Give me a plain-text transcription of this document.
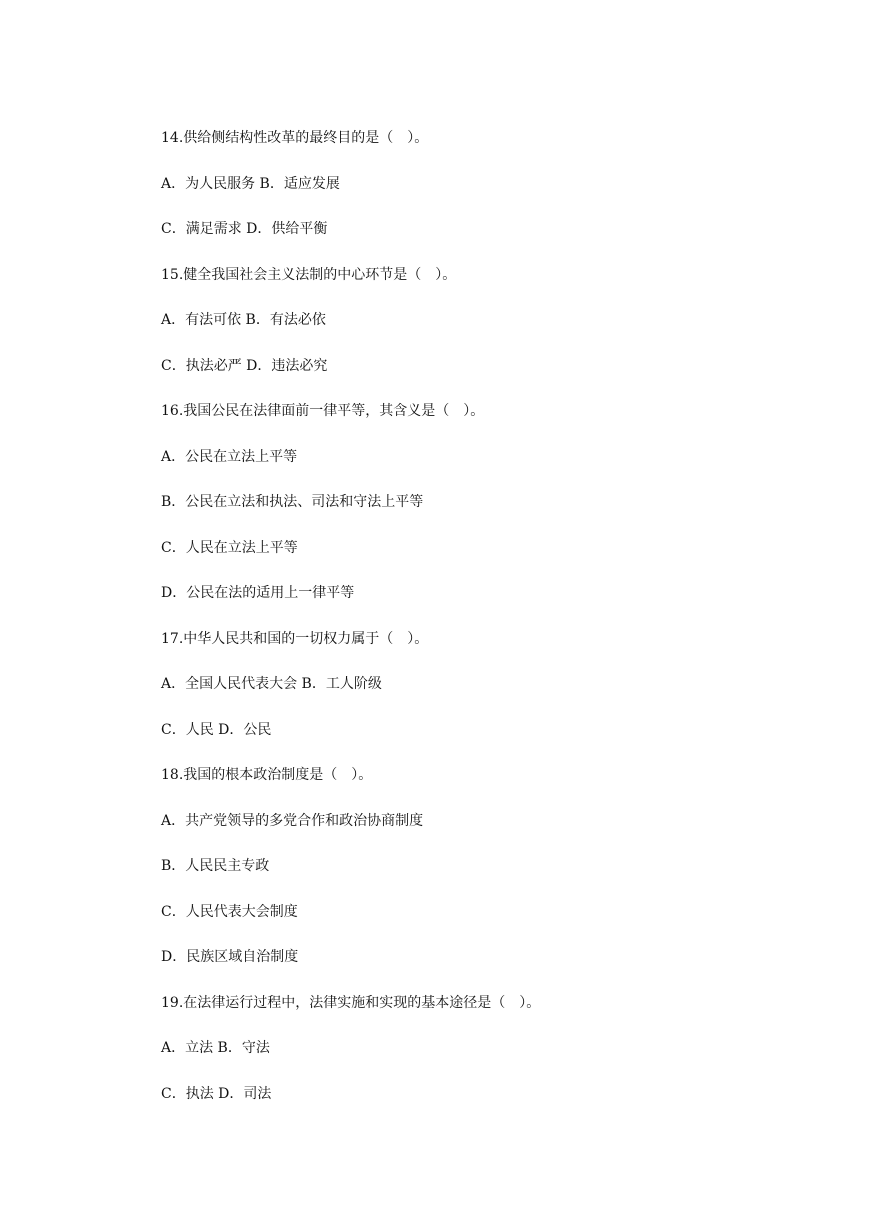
14.供给侧结构性改革的最终目的是（　）。
A．为人民服务 B．适应发展
C．满足需求 D．供给平衡
15.健全我国社会主义法制的中心环节是（　）。
A．有法可依 B．有法必依
C．执法必严 D．违法必究
16.我国公民在法律面前一律平等，其含义是（　）。
A．公民在立法上平等
B．公民在立法和执法、司法和守法上平等
C．人民在立法上平等
D．公民在法的适用上一律平等
17.中华人民共和国的一切权力属于（　）。
A．全国人民代表大会 B．工人阶级
C．人民 D．公民
18.我国的根本政治制度是（　）。
A．共产党领导的多党合作和政治协商制度
B．人民民主专政
C．人民代表大会制度
D．民族区域自治制度
19.在法律运行过程中，法律实施和实现的基本途径是（　）。
A．立法 B．守法
C．执法 D．司法
